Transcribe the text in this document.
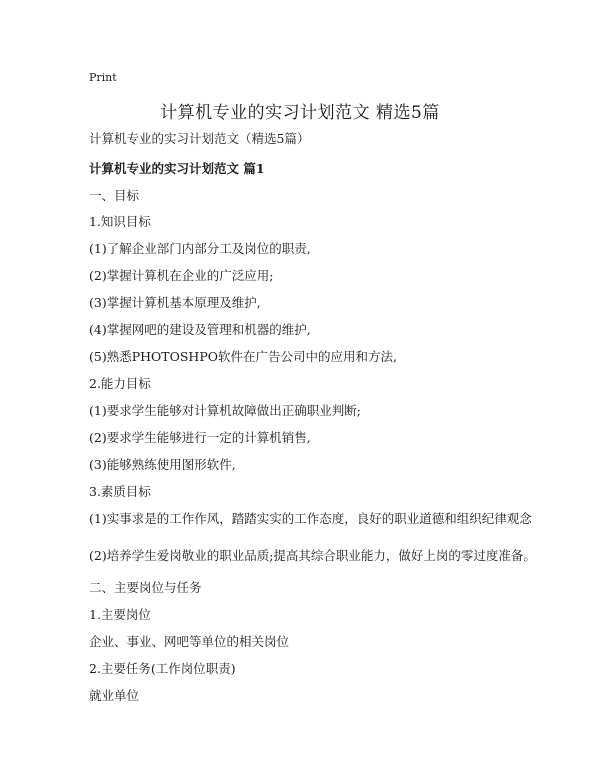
Print
计算机专业的实习计划范文 精选5篇
计算机专业的实习计划范文（精选5篇）
计算机专业的实习计划范文 篇1
一、目标
1.知识目标
(1)了解企业部门内部分工及岗位的职责,
(2)掌握计算机在企业的广泛应用;
(3)掌握计算机基本原理及维护,
(4)掌握网吧的建设及管理和机器的维护,
(5)熟悉PHOTOSHPO软件在广告公司中的应用和方法,
2.能力目标
(1)要求学生能够对计算机故障做出正确职业判断;
(2)要求学生能够进行一定的计算机销售,
(3)能够熟练使用图形软件,
3.素质目标
(1)实事求是的工作作风，踏踏实实的工作态度，良好的职业道德和组织纪律观念
(2)培养学生爱岗敬业的职业品质;提高其综合职业能力，做好上岗的零过度准备。
二、主要岗位与任务
1.主要岗位
企业、事业、网吧等单位的相关岗位
2.主要任务(工作岗位职责)
就业单位
